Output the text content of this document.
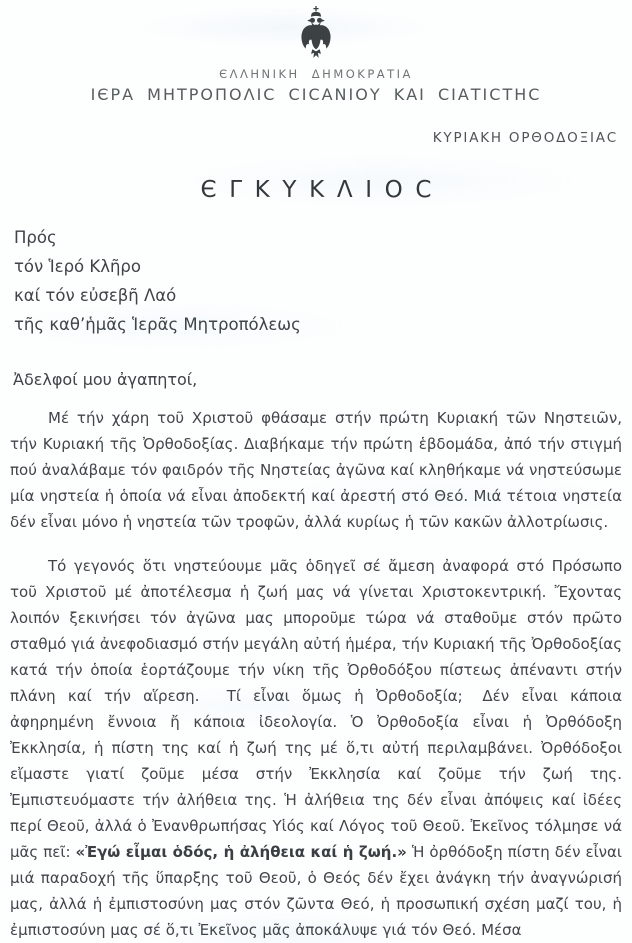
ЄΛΛΗΝΙΚΗ ΔΗΜΟΚΡΑΤΙΑ
ΙЄΡΑ ΜΗΤΡΟΠΟΛΙϹ ϹΙϹΑΝΙΟΥ ΚΑΙ ϹΙΑΤΙϹΤΗϹ
ΚΥΡΙΑΚΗ ΟΡΘΟΔΟΞΙΑϹ
ЄΓΚΥΚΛΙΟϹ
Πρός
τόν Ἱερό Κλῆρο
καί τόν εὐσεβῆ Λαό
τῆς καθ’ἡμᾶς Ἱερᾶς Μητροπόλεως

Ἀδελφοί μου ἀγαπητοί,

Μέ τήν χάρη τοῦ Χριστοῦ φθάσαμε στήν πρώτη Κυριακή τῶν Νηστειῶν, τήν Κυριακή τῆς Ὀρθοδοξίας. Διαβήκαμε τήν πρώτη ἑβδομάδα, ἀπό τήν στιγμή πού ἀναλάβαμε τόν φαιδρόν τῆς Νηστείας ἀγῶνα καί κληθήκαμε νά νηστεύσωμε μία νηστεία ἡ ὁποία νά εἶναι ἀποδεκτή καί ἀρεστή στό Θεό. Μιά τέτοια νηστεία δέν εἶναι μόνο ἡ νηστεία τῶν τροφῶν, ἀλλά κυρίως ἡ τῶν κακῶν ἀλλοτρίωσις.

Τό γεγονός ὅτι νηστεύουμε μᾶς ὁδηγεῖ σέ ἄμεση ἀναφορά στό Πρόσωπο τοῦ Χριστοῦ μέ ἀποτέλεσμα ἡ ζωή μας νά γίνεται Χριστοκεντρική. Ἔχοντας λοιπόν ξεκινήσει τόν ἀγῶνα μας μποροῦμε τώρα νά σταθοῦμε στόν πρῶτο σταθμό γιά ἀνεφοδιασμό στήν μεγάλη αὐτή ἡμέρα, τήν Κυριακή τῆς Ὀρθοδοξίας κατά τήν ὁποία ἑορτάζουμε τήν νίκη τῆς Ὀρθοδόξου πίστεως ἀπέναντι στήν πλάνη καί τήν αἵρεση.  Τί εἶναι ὅμως ἡ Ὀρθοδοξία;  Δέν εἶναι κάποια ἀφηρημένη ἔννοια ἤ κάποια ἰδεολογία. Ὁ Ὀρθοδοξία εἶναι ἡ Ὀρθόδοξη Ἐκκλησία, ἡ πίστη της καί ἡ ζωή της μέ ὅ,τι αὐτή περιλαμβάνει. Ὀρθόδοξοι εἴμαστε γιατί ζοῦμε μέσα στήν Ἐκκλησία καί ζοῦμε τήν ζωή της. Ἐμπιστευόμαστε τήν ἀλήθεια της. Ἡ ἀλήθεια της δέν εἶναι ἀπόψεις καί ἰδέες περί Θεοῦ, ἀλλά ὁ Ἐνανθρωπήσας Υἱός καί Λόγος τοῦ Θεοῦ. Ἐκεῖνος τόλμησε νά μᾶς πεῖ: «Ἐγώ εἶμαι ὁδός, ἡ ἀλήθεια καί ἡ ζωή.» Ἡ ὀρθόδοξη πίστη δέν εἶναι μιά παραδοχή τῆς ὕπαρξης τοῦ Θεοῦ, ὁ Θεός δέν ἔχει ἀνάγκη τήν ἀναγνώρισή μας, ἀλλά ἡ ἐμπιστοσύνη μας στόν ζῶντα Θεό, ἡ προσωπική σχέση μαζί του, ἡ ἐμπιστοσύνη μας σέ ὅ,τι Ἐκεῖνος μᾶς ἀποκάλυψε γιά τόν Θεό. Μέσα
